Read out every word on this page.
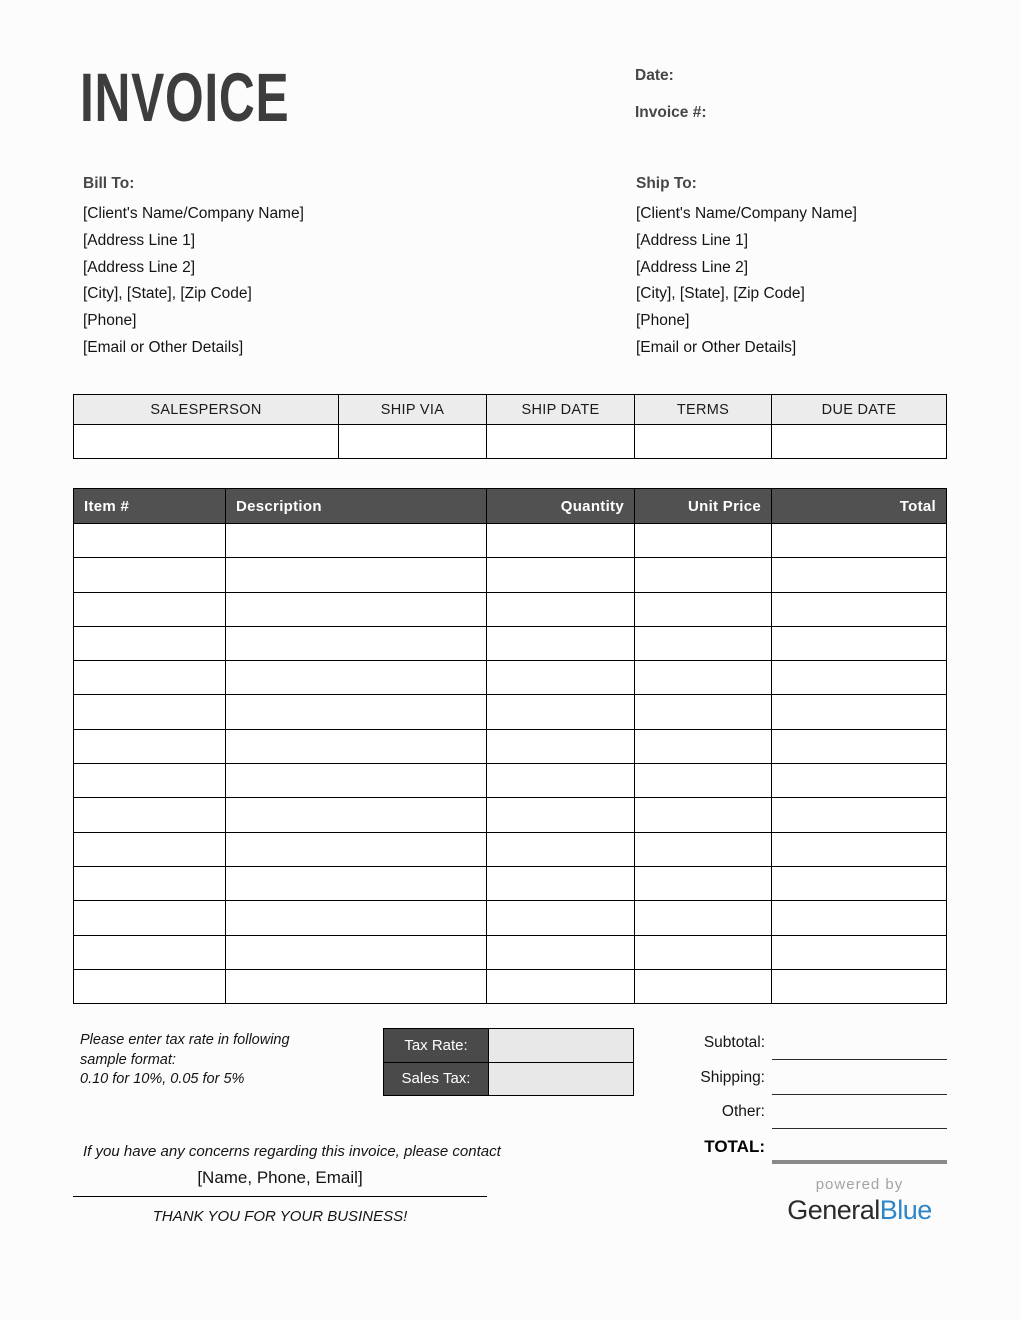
INVOICE	Date:
Invoice #:
Bill To:
[Client's Name/Company Name]
[Address Line 1]
[Address Line 2]
[City], [State], [Zip Code]
[Phone]
[Email or Other Details]
Ship To:
[Client's Name/Company Name]
[Address Line 1]
[Address Line 2]
[City], [State], [Zip Code]
[Phone]
[Email or Other Details]
SALESPERSON	SHIP VIA	SHIP DATE	TERMS	DUE DATE

Item #	Description	Quantity	Unit Price	Total

Please enter tax rate in following
sample format:
0.10 for 10%, 0.05 for 5%
Tax Rate:	
Sales Tax:	
Subtotal:
Shipping:
Other:
TOTAL:
If you have any concerns regarding this invoice, please contact
[Name, Phone, Email]
THANK YOU FOR YOUR BUSINESS!
powered by
GeneralBlue
